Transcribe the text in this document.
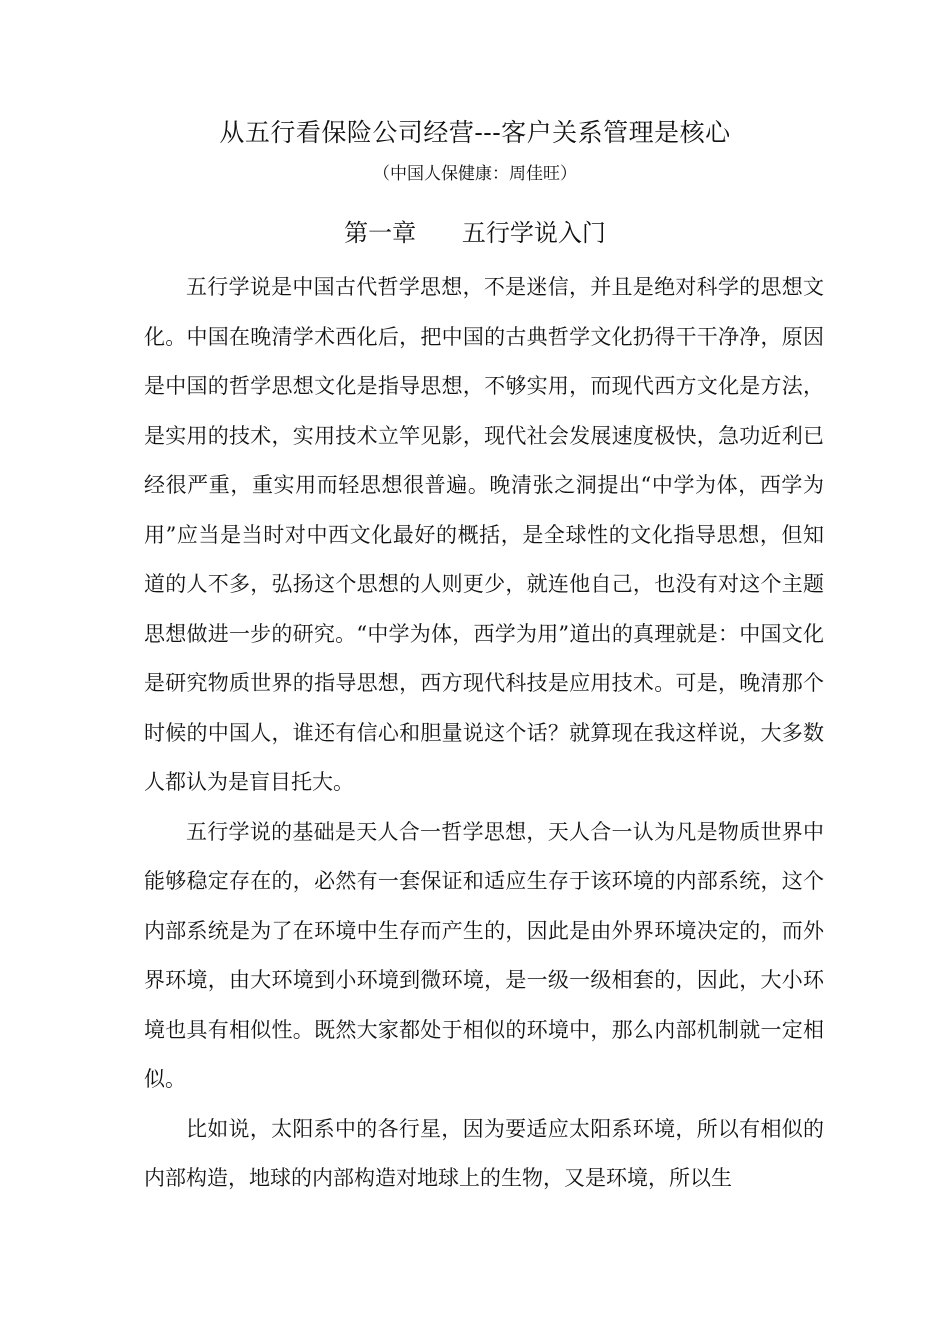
从五行看保险公司经营---客户关系管理是核心
（中国人保健康：周佳旺）
第一章      五行学说入门

五行学说是中国古代哲学思想，不是迷信，并且是绝对科学的思想文化。中国在晚清学术西化后，把中国的古典哲学文化扔得干干净净，原因是中国的哲学思想文化是指导思想，不够实用，而现代西方文化是方法，是实用的技术，实用技术立竿见影，现代社会发展速度极快，急功近利已经很严重，重实用而轻思想很普遍。晚清张之洞提出“中学为体，西学为用”应当是当时对中西文化最好的概括，是全球性的文化指导思想，但知道的人不多，弘扬这个思想的人则更少，就连他自己，也没有对这个主题思想做进一步的研究。“中学为体，西学为用”道出的真理就是：中国文化是研究物质世界的指导思想，西方现代科技是应用技术。可是，晚清那个时候的中国人，谁还有信心和胆量说这个话？就算现在我这样说，大多数人都认为是盲目托大。

五行学说的基础是天人合一哲学思想，天人合一认为凡是物质世界中能够稳定存在的，必然有一套保证和适应生存于该环境的内部系统，这个内部系统是为了在环境中生存而产生的，因此是由外界环境决定的，而外界环境，由大环境到小环境到微环境，是一级一级相套的，因此，大小环境也具有相似性。既然大家都处于相似的环境中，那么内部机制就一定相似。

比如说，太阳系中的各行星，因为要适应太阳系环境，所以有相似的内部构造，地球的内部构造对地球上的生物，又是环境，所以生
